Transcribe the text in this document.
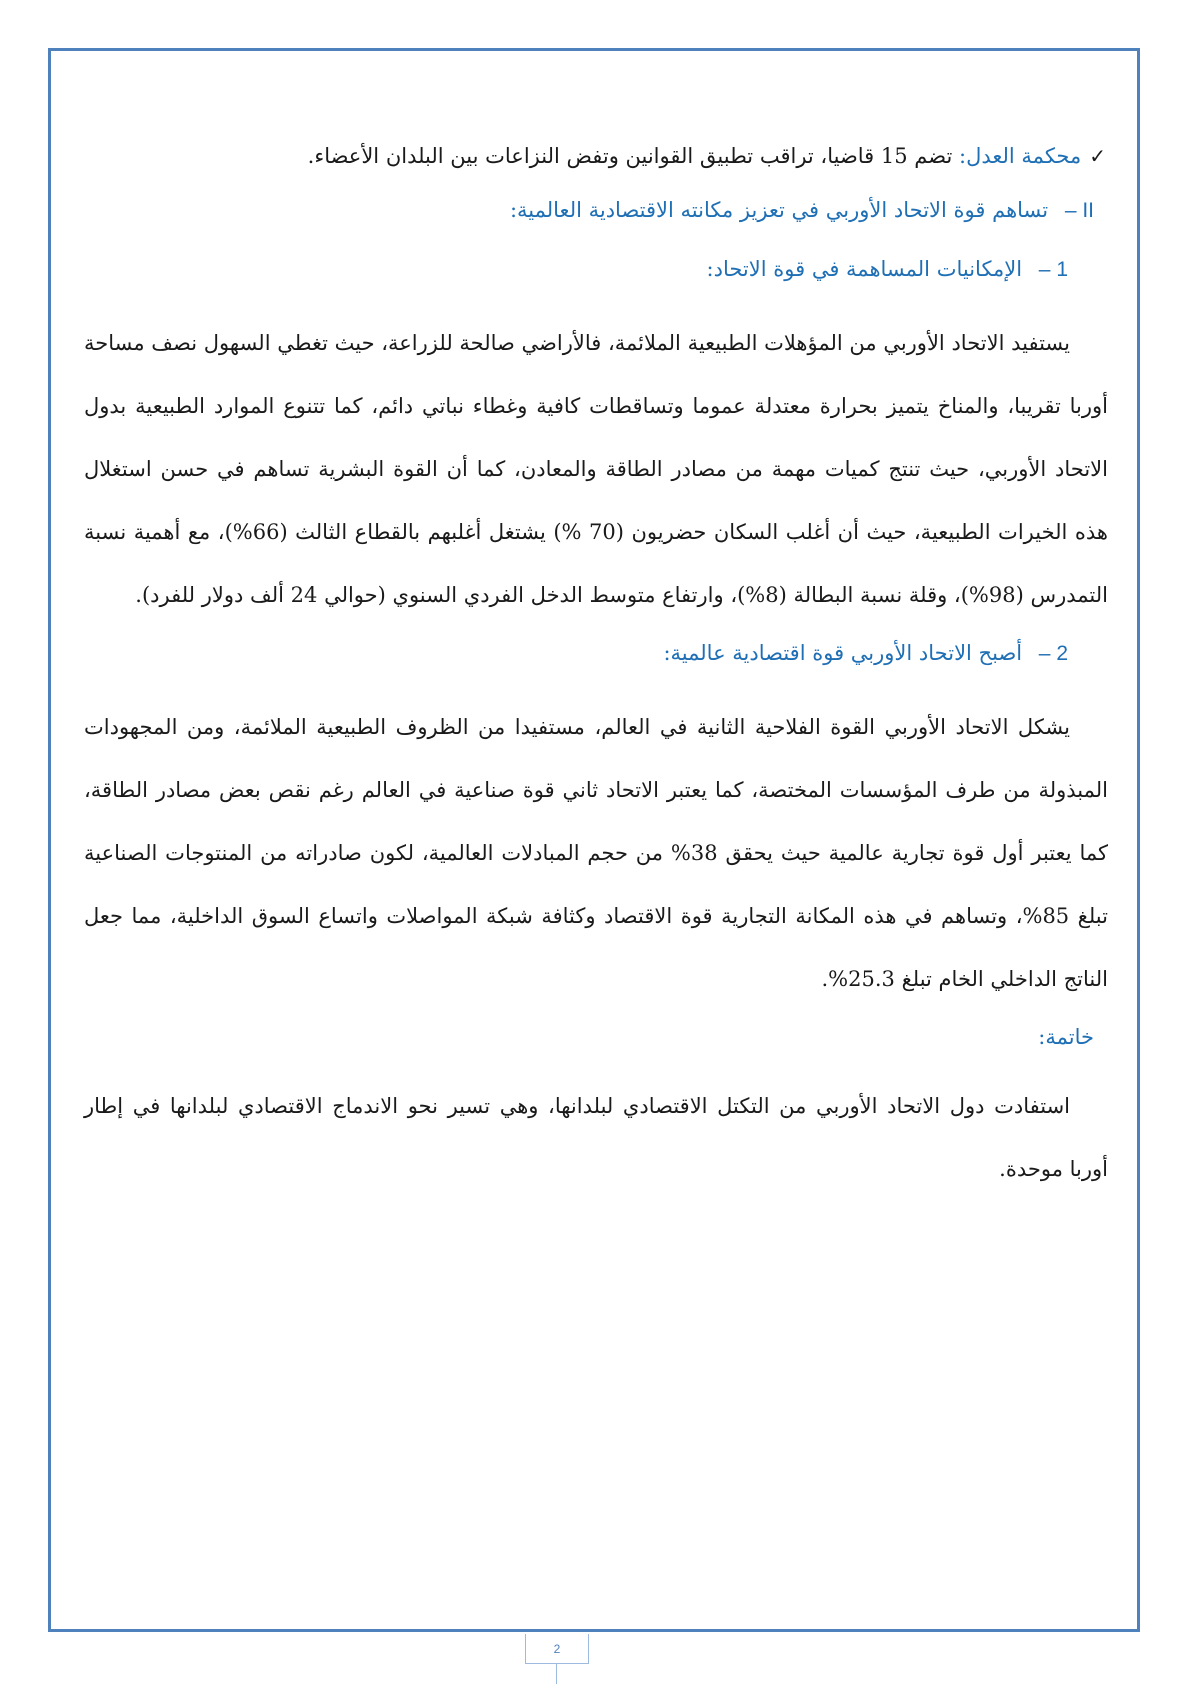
✓
محكمة العدل: تضم 15 قاضيا، تراقب تطبيق القوانين وتفض النزاعات بين البلدان الأعضاء.
II – تساهم قوة الاتحاد الأوربي في تعزيز مكانته الاقتصادية العالمية:
1 – الإمكانيات المساهمة في قوة الاتحاد:

يستفيد الاتحاد الأوربي من المؤهلات الطبيعية الملائمة، فالأراضي صالحة للزراعة، حيث تغطي السهول نصف مساحة أوربا تقريبا، والمناخ يتميز بحرارة معتدلة عموما وتساقطات كافية وغطاء نباتي دائم، كما تتنوع الموارد الطبيعية بدول الاتحاد الأوربي، حيث تنتج كميات مهمة من مصادر الطاقة والمعادن، كما أن القوة البشرية تساهم في حسن استغلال هذه الخيرات الطبيعية، حيث أن أغلب السكان حضريون (70 %) يشتغل أغلبهم بالقطاع الثالث (66%)، مع أهمية نسبة التمدرس (98%)، وقلة نسبة البطالة (8%)، وارتفاع متوسط الدخل الفردي السنوي (حوالي 24 ألف دولار للفرد).

2 – أصبح الاتحاد الأوربي قوة اقتصادية عالمية:

يشكل الاتحاد الأوربي القوة الفلاحية الثانية في العالم، مستفيدا من الظروف الطبيعية الملائمة، ومن المجهودات المبذولة من طرف المؤسسات المختصة، كما يعتبر الاتحاد ثاني قوة صناعية في العالم رغم نقص بعض مصادر الطاقة، كما يعتبر أول قوة تجارية عالمية حيث يحقق 38% من حجم المبادلات العالمية، لكون صادراته من المنتوجات الصناعية تبلغ 85%، وتساهم في هذه المكانة التجارية قوة الاقتصاد وكثافة شبكة المواصلات واتساع السوق الداخلية، مما جعل الناتج الداخلي الخام تبلغ 25.3%.

خاتمة:

استفادت دول الاتحاد الأوربي من التكتل الاقتصادي لبلدانها، وهي تسير نحو الاندماج الاقتصادي لبلدانها في إطار أوربا موحدة.

2
